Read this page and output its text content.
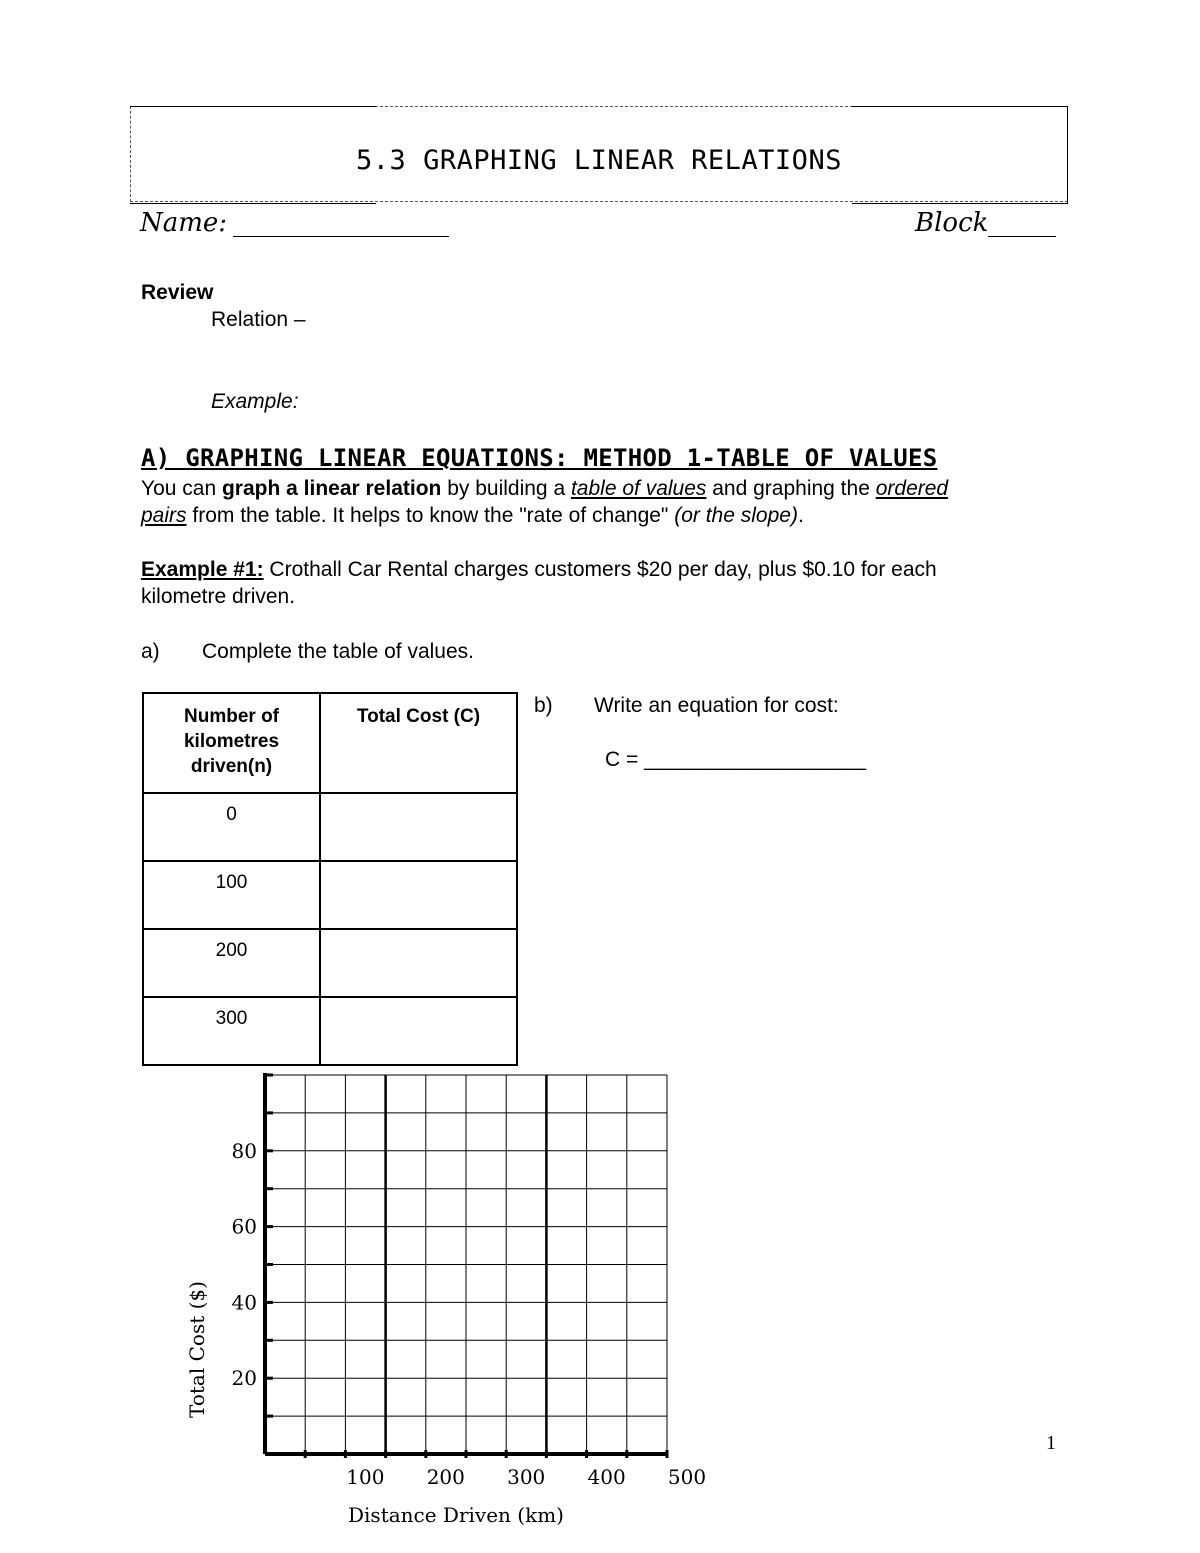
5.3 GRAPHING LINEAR RELATIONS
Name:	Block
Review
Relation –
Example:
A) GRAPHING LINEAR EQUATIONS: METHOD 1-TABLE OF VALUES
You can graph a linear relation by building a table of values and graphing the ordered
pairs from the table. It helps to know the "rate of change" (or the slope).
Example #1: Crothall Car Rental charges customers $20 per day, plus $0.10 for each
kilometre driven.
a) Complete the table of values.
b) Write an equation for cost:
C = ___________________
Number of kilometres driven(n)	Total Cost (C)
0	
100	
200	
300	
100 200 300 400 500
20
40
60
80
Distance Driven (km)
Total Cost ($)
1
